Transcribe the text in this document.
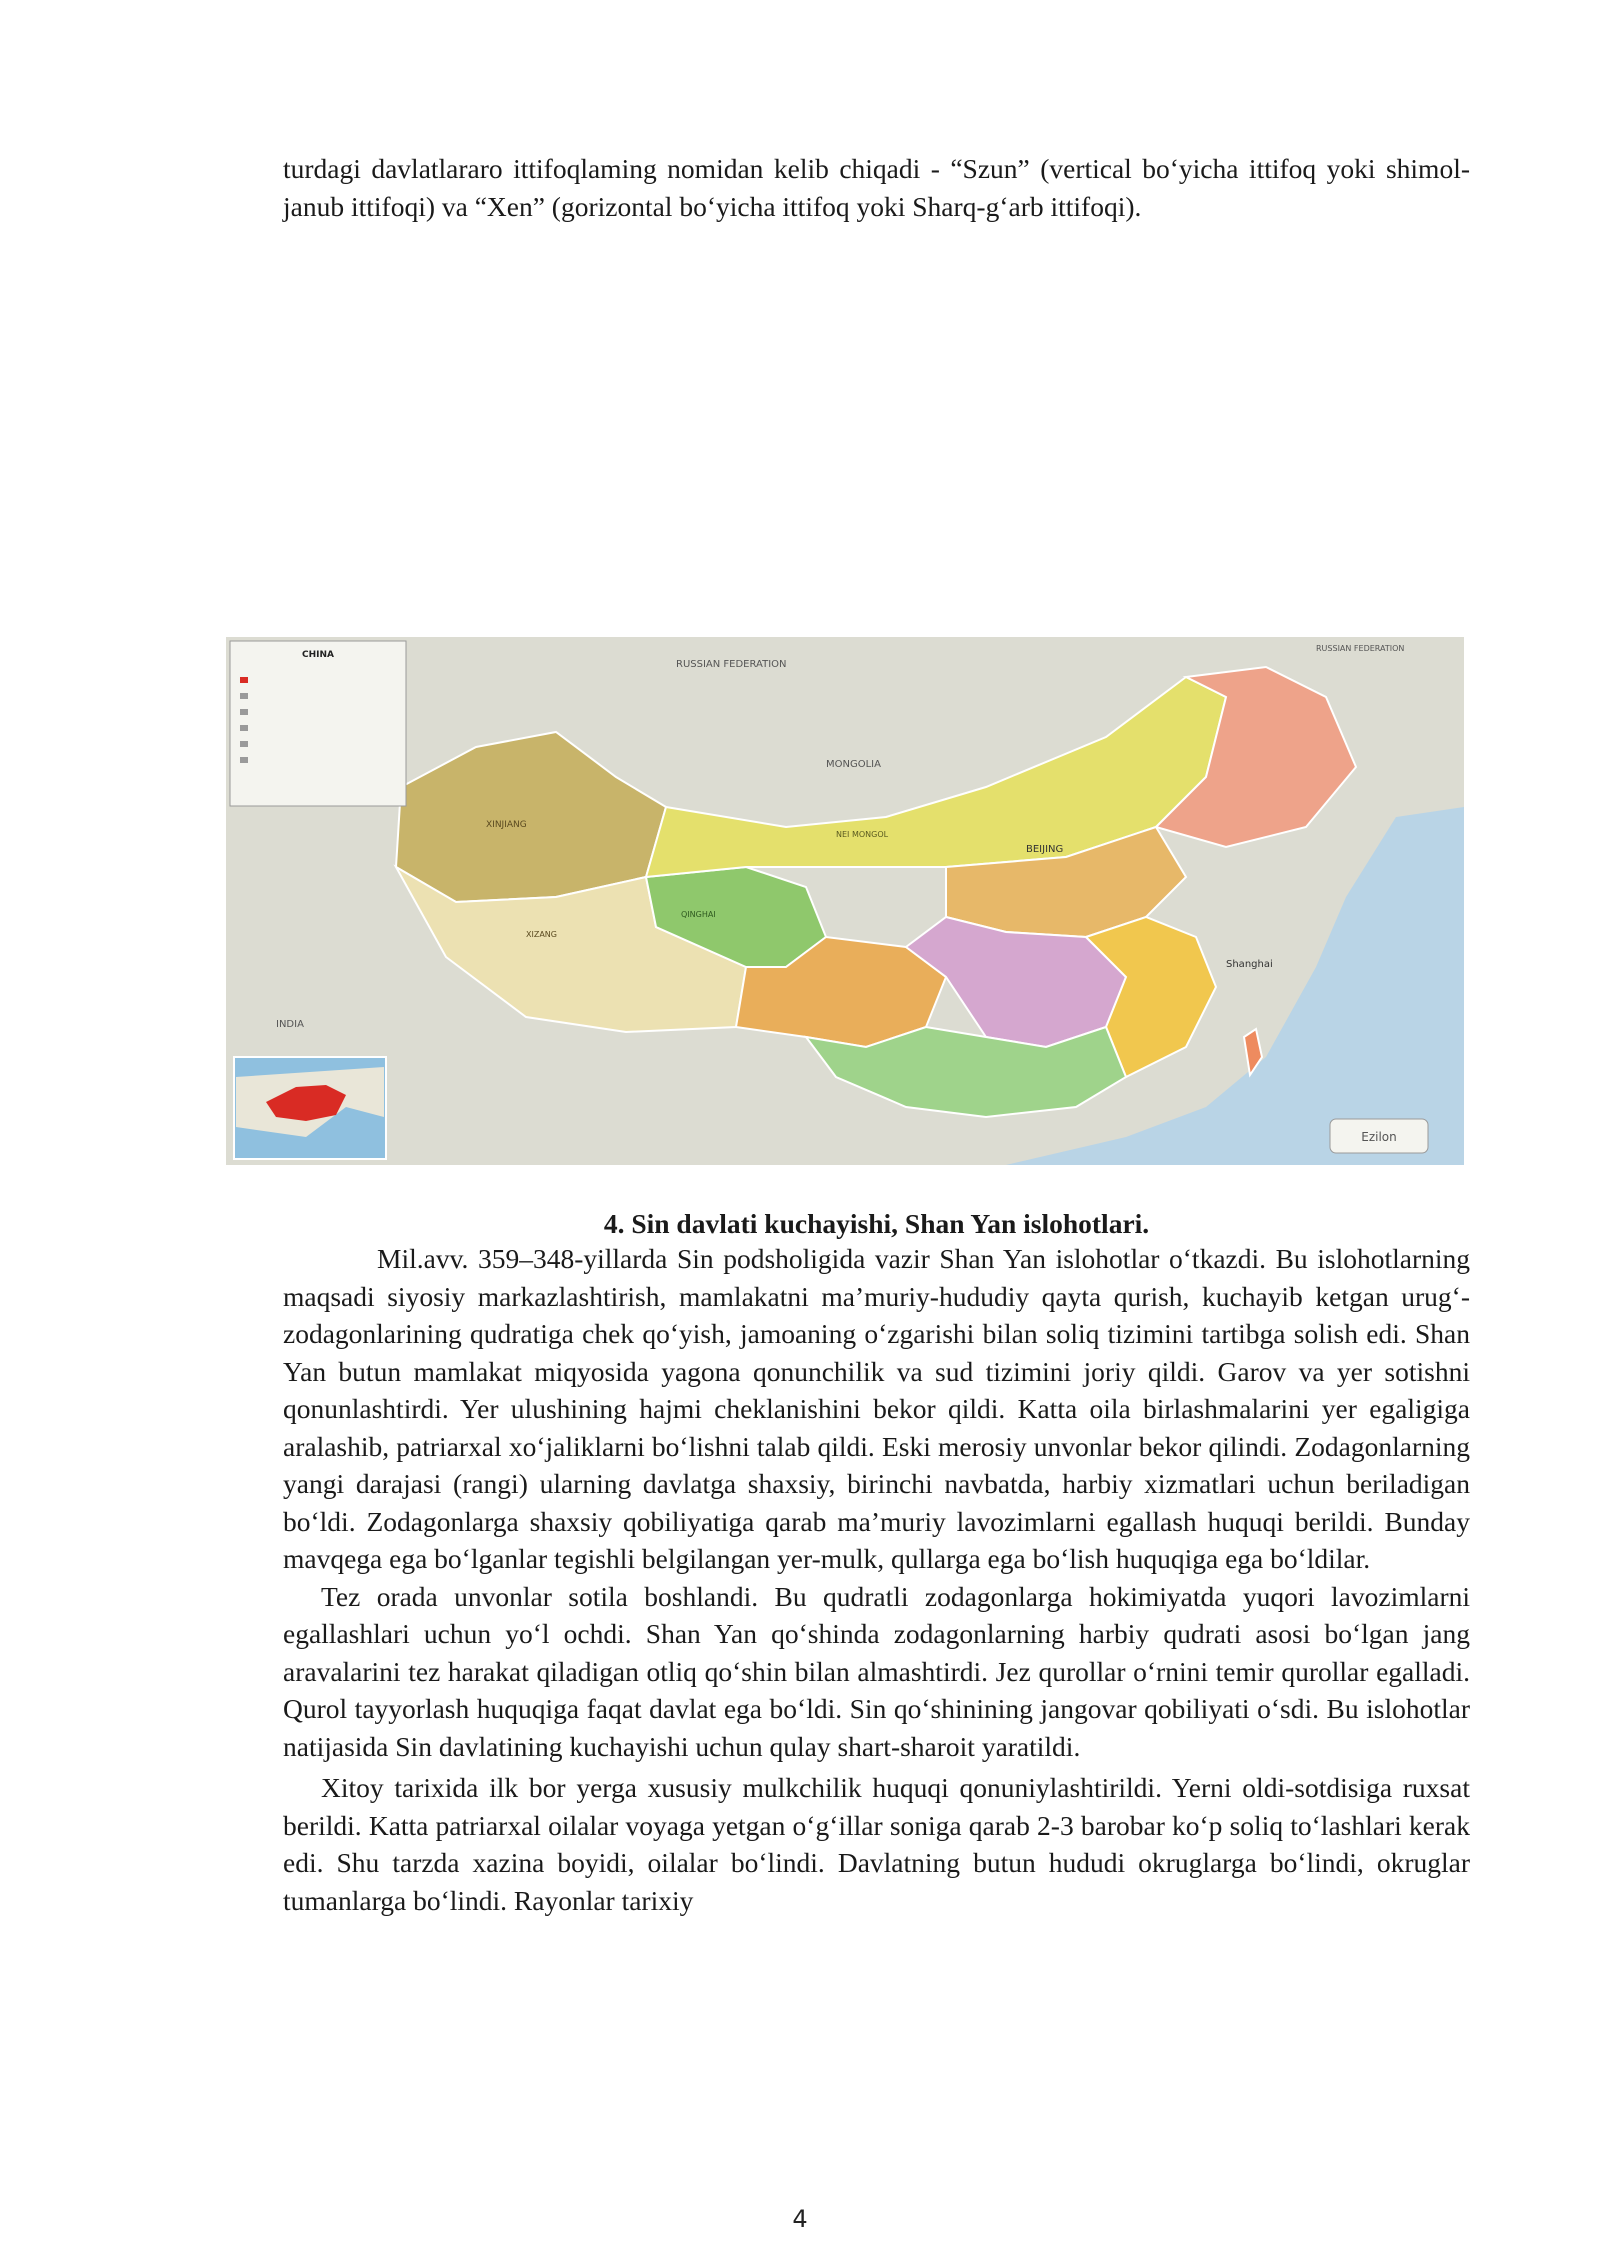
turdagi davlatlararo ittifoqlaming nomidan kelib chiqadi - “Szun” (vertical bo‘yicha ittifoq yoki shimol-janub ittifoqi) va “Xen” (gorizontal bo‘yicha ittifoq yoki Sharq-g‘arb ittifoqi).

CHINA
Ezilon
RUSSIAN FEDERATION
RUSSIAN FEDERATION
MONGOLIA
XINJIANG
NEI MONGOL
QINGHAI
XIZANG
BEIJING
Shanghai
INDIA
4. Sin davlati kuchayishi, Shan Yan islohotlari.

Mil.avv. 359–348-yillarda Sin podsholigida vazir Shan Yan islohotlar o‘tkazdi. Bu islohotlarning maqsadi siyosiy markazlashtirish, mamlakatni ma’muriy-hududiy qayta qurish, kuchayib ketgan urug‘-zodagonlarining qudratiga chek qo‘yish, jamoaning o‘zgarishi bilan soliq tizimini tartibga solish edi. Shan Yan butun mamlakat miqyosida yagona qonunchilik va sud tizimini joriy qildi. Garov va yer sotishni qonunlashtirdi. Yer ulushining hajmi cheklanishini bekor qildi. Katta oila birlashmalarini yer egaligiga aralashib, patriarxal xo‘jaliklarni bo‘lishni talab qildi. Eski merosiy unvonlar bekor qilindi. Zodagonlarning yangi darajasi (rangi) ularning davlatga shaxsiy, birinchi navbatda, harbiy xizmatlari uchun beriladigan bo‘ldi. Zodagonlarga shaxsiy qobiliyatiga qarab ma’muriy lavozimlarni egallash huquqi berildi. Bunday mavqega ega bo‘lganlar tegishli belgilangan yer-mulk, qullarga ega bo‘lish huquqiga ega bo‘ldilar.

Tez orada unvonlar sotila boshlandi. Bu qudratli zodagonlarga hokimiyatda yuqori lavozimlarni egallashlari uchun yo‘l ochdi. Shan Yan qo‘shinda zodagonlarning harbiy qudrati asosi bo‘lgan jang aravalarini tez harakat qiladigan otliq qo‘shin bilan almashtirdi. Jez qurollar o‘rnini temir qurollar egalladi. Qurol tayyorlash huquqiga faqat davlat ega bo‘ldi. Sin qo‘shinining jangovar qobiliyati o‘sdi. Bu islohotlar natijasida Sin davlatining kuchayishi uchun qulay shart-sharoit yaratildi.

Xitoy tarixida ilk bor yerga xususiy mulkchilik huquqi qonuniylashtirildi. Yerni oldi-sotdisiga ruxsat berildi. Katta patriarxal oilalar voyaga yetgan o‘g‘illar soniga qarab 2-3 barobar ko‘p soliq to‘lashlari kerak edi. Shu tarzda xazina boyidi, oilalar bo‘lindi. Davlatning butun hududi okruglarga bo‘lindi, okruglar tumanlarga bo‘lindi. Rayonlar tarixiy

4
